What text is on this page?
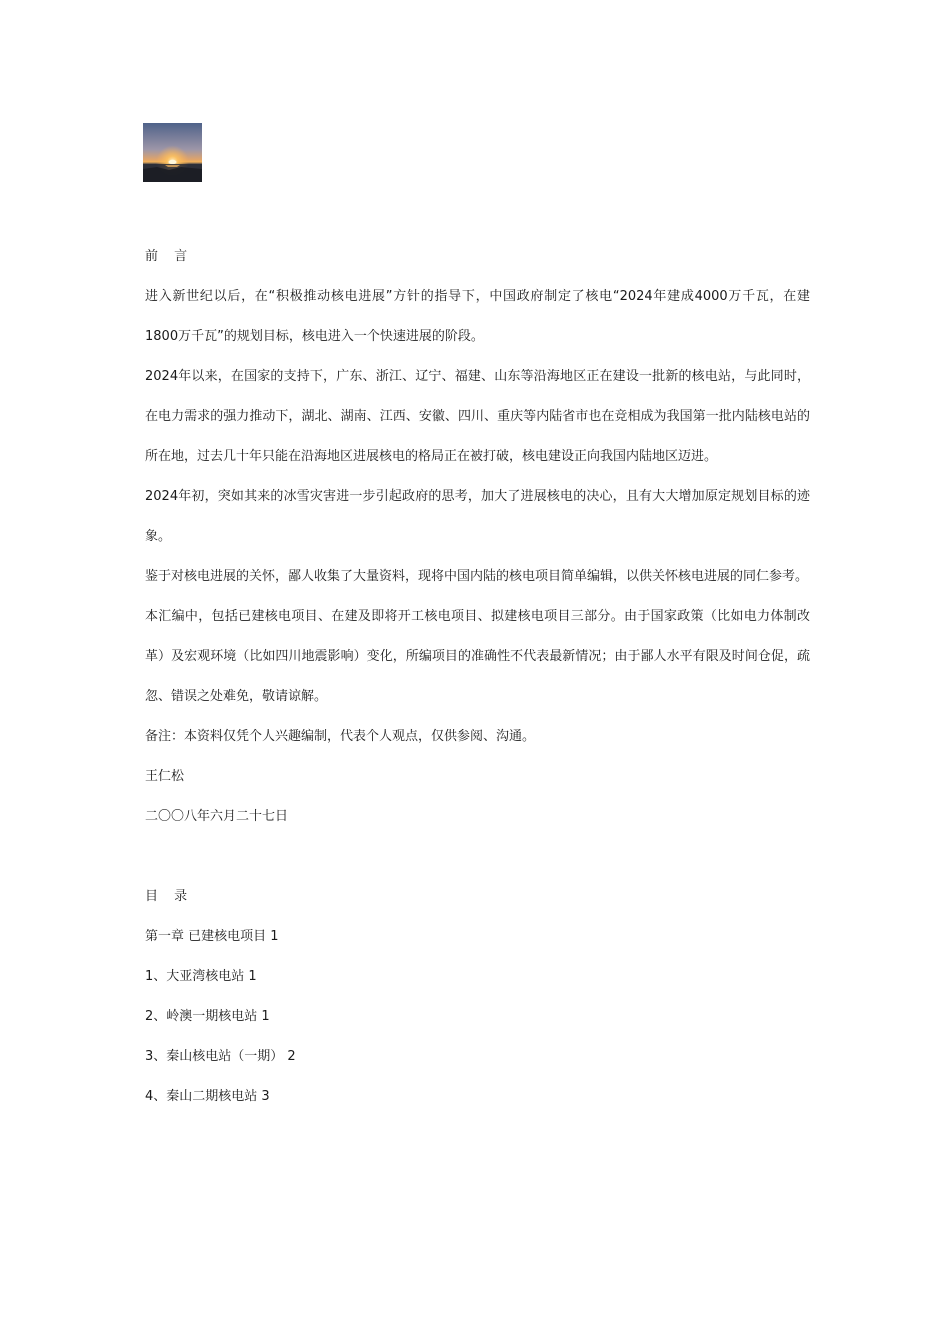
前 言

进入新世纪以后，在“积极推动核电进展”方针的指导下，中国政府制定了核电“2024年建成4000万千瓦，在建1800万千瓦”的规划目标，核电进入一个快速进展的阶段。

2024年以来，在国家的支持下，广东、浙江、辽宁、福建、山东等沿海地区正在建设一批新的核电站，与此同时，在电力需求的强力推动下，湖北、湖南、江西、安徽、四川、重庆等内陆省市也在竞相成为我国第一批内陆核电站的所在地，过去几十年只能在沿海地区进展核电的格局正在被打破，核电建设正向我国内陆地区迈进。

2024年初，突如其来的冰雪灾害进一步引起政府的思考，加大了进展核电的决心，且有大大增加原定规划目标的迹象。

鉴于对核电进展的关怀，鄙人收集了大量资料，现将中国内陆的核电项目简单编辑，以供关怀核电进展的同仁参考。

本汇编中，包括已建核电项目、在建及即将开工核电项目、拟建核电项目三部分。由于国家政策（比如电力体制改革）及宏观环境（比如四川地震影响）变化，所编项目的准确性不代表最新情况；由于鄙人水平有限及时间仓促，疏忽、错误之处难免，敬请谅解。

备注：本资料仅凭个人兴趣编制，代表个人观点，仅供参阅、沟通。

王仁松

二〇〇八年六月二十七日

目 录

第一章 已建核电项目 1

1、大亚湾核电站 1

2、岭澳一期核电站 1

3、秦山核电站（一期） 2

4、秦山二期核电站 3
